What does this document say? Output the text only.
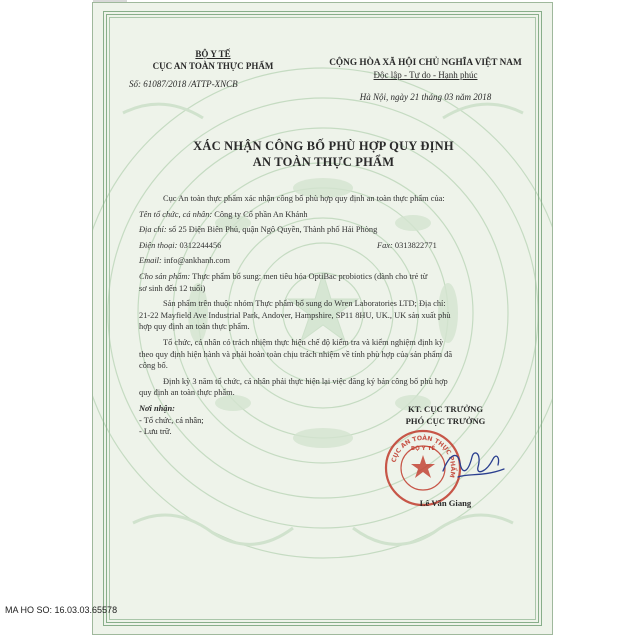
BỘ Y TẾ
CỤC AN TOÀN THỰC PHẨM
Số: 61087/2018 /ATTP-XNCB
CỘNG HÒA XÃ HỘI CHỦ NGHĨA VIỆT NAM
Độc lập - Tự do - Hạnh phúc
Hà Nội, ngày 21 tháng 03 năm 2018
XÁC NHẬN CÔNG BỐ PHÙ HỢP QUY ĐỊNH
AN TOÀN THỰC PHẨM
Cục An toàn thực phẩm xác nhận công bố phù hợp quy định an toàn thực phẩm của:
Tên tổ chức, cá nhân: Công ty Cổ phần An Khánh
Địa chỉ: số 25 Điện Biên Phủ, quận Ngô Quyền, Thành phố Hải Phòng
Điện thoại: 0312244456	Fax: 0313822771
Email: info@ankhanh.com
Cho sản phẩm: Thực phẩm bổ sung: men tiêu hóa OptiBac probiotics (dành cho trẻ từ
sơ sinh đến 12 tuổi)
Sản phẩm trên thuộc nhóm Thực phẩm bổ sung do Wren Laboratories LTD; Địa chỉ:
21-22 Mayfield Ave Industrial Park, Andover, Hampshire, SP11 8HU, UK., UK sản xuất phù
hợp quy định an toàn thực phẩm.
Tổ chức, cá nhân có trách nhiệm thực hiện chế độ kiểm tra và kiểm nghiệm định kỳ
theo quy định hiện hành và phải hoàn toàn chịu trách nhiệm về tính phù hợp của sản phẩm đã
công bố.
Định kỳ 3 năm tổ chức, cá nhân phải thực hiện lại việc đăng ký bản công bố phù hợp
quy định an toàn thực phẩm.
Nơi nhận:
- Tổ chức, cá nhân;
- Lưu trữ.
KT. CỤC TRƯỞNG
PHÓ CỤC TRƯỞNG
CỤC AN TOÀN THỰC PHẨM
BỘ Y TẾ
Lê Văn Giang
MA HO SO: 16.03.03.65578
